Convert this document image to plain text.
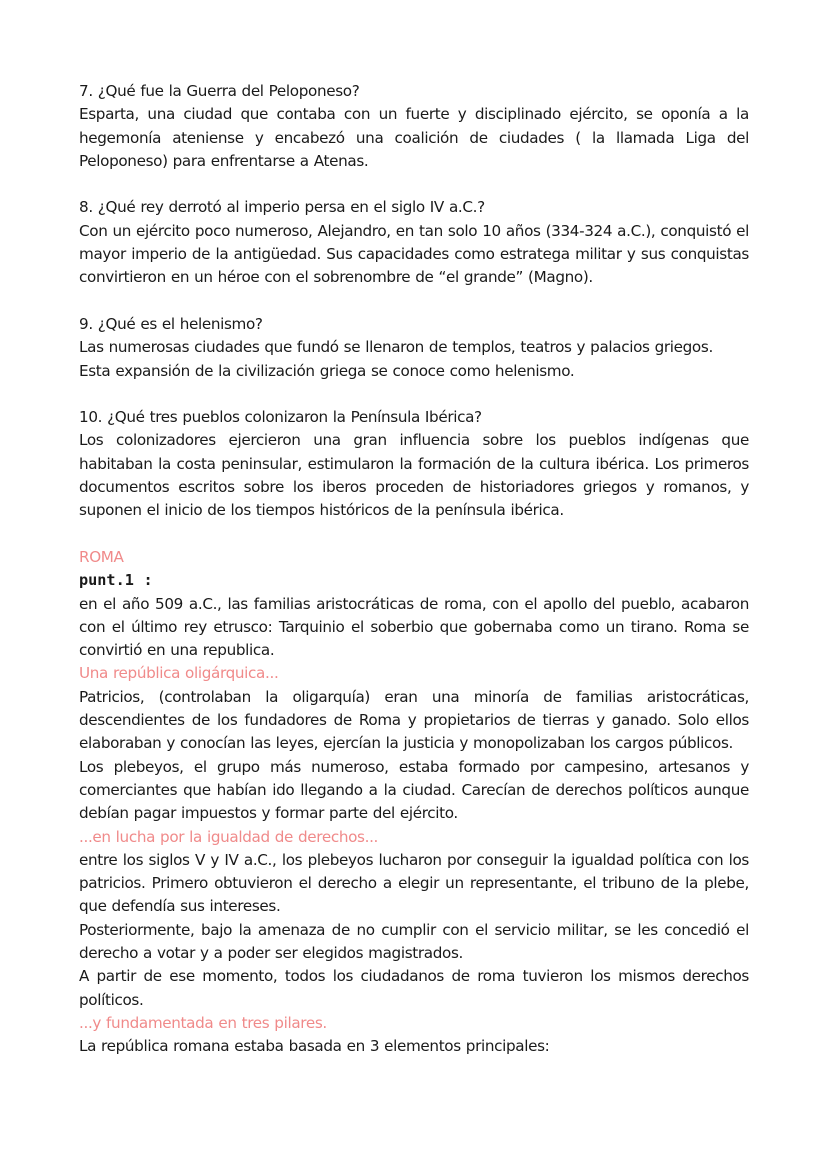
7. ¿Qué fue la Guerra del Peloponeso?

Esparta, una ciudad que contaba con un fuerte y disciplinado ejército, se oponía a la hegemonía ateniense y encabezó una coalición de ciudades ( la llamada Liga del Peloponeso) para enfrentarse a Atenas.

8. ¿Qué rey derrotó al imperio persa en el siglo IV a.C.?

Con un ejército poco numeroso, Alejandro, en tan solo 10 años (334-324 a.C.), conquistó el mayor imperio de la antigüedad. Sus capacidades como estratega militar y sus conquistas convirtieron en un héroe con el sobrenombre de “el grande” (Magno).

9. ¿Qué es el helenismo?

Las numerosas ciudades que fundó se llenaron de templos, teatros y palacios griegos. Esta expansión de la civilización griega se conoce como helenismo.

10. ¿Qué tres pueblos colonizaron la Península Ibérica?

Los colonizadores ejercieron una gran influencia sobre los pueblos indígenas que habitaban la costa peninsular, estimularon la formación de la cultura ibérica. Los primeros documentos escritos sobre los iberos proceden de historiadores griegos y romanos, y suponen el inicio de los tiempos históricos de la península ibérica.

ROMA

punt.1 :

en el año 509 a.C., las familias aristocráticas de roma, con el apollo del pueblo, acabaron con el último rey etrusco: Tarquinio el soberbio que gobernaba como un tirano. Roma se convirtió en una republica.

Una república oligárquica...

Patricios, (controlaban la oligarquía) eran una minoría de familias aristocráticas, descendientes de los fundadores de Roma y propietarios de tierras y ganado. Solo ellos elaboraban y conocían las leyes, ejercían la justicia y monopolizaban los cargos públicos.

Los plebeyos, el grupo más numeroso, estaba formado por campesino, artesanos y comerciantes que habían ido llegando a la ciudad. Carecían de derechos políticos aunque debían pagar impuestos y formar parte del ejército.

...en lucha por la igualdad de derechos...

entre los siglos V y IV a.C., los plebeyos lucharon por conseguir la igualdad política con los patricios. Primero obtuvieron el derecho a elegir un representante, el tribuno de la plebe, que defendía sus intereses.

Posteriormente, bajo la amenaza de no cumplir con el servicio militar, se les concedió el derecho a votar y a poder ser elegidos magistrados.

A partir de ese momento, todos los ciudadanos de roma tuvieron los mismos derechos políticos.

...y fundamentada en tres pilares.

La república romana estaba basada en 3 elementos principales:
